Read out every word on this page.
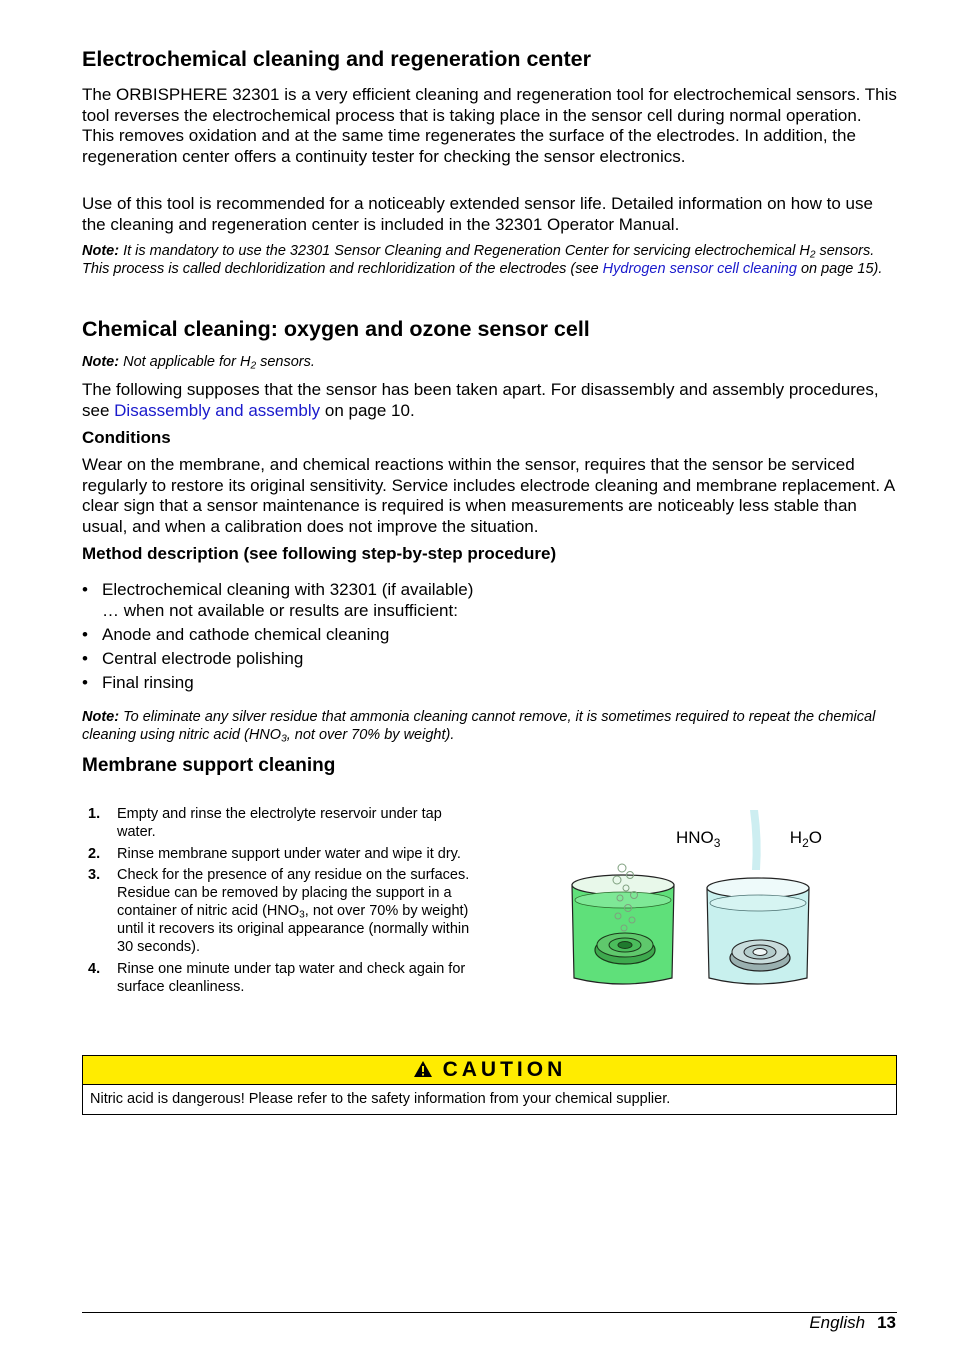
Electrochemical cleaning and regeneration center

The ORBISPHERE 32301 is a very efficient cleaning and regeneration tool for electrochemical sensors. This tool reverses the electrochemical process that is taking place in the sensor cell during normal operation. This removes oxidation and at the same time regenerates the surface of the electrodes. In addition, the regeneration center offers a continuity tester for checking the sensor electronics.

Use of this tool is recommended for a noticeably extended sensor life. Detailed information on how to use the cleaning and regeneration center is included in the 32301 Operator Manual.

Note: It is mandatory to use the 32301 Sensor Cleaning and Regeneration Center for servicing electrochemical $H_2$ sensors. This process is called dechloridization and rechloridization of the electrodes (see Hydrogen sensor cell cleaning on page 15).

Chemical cleaning: oxygen and ozone sensor cell

Note: Not applicable for $H_2$ sensors.

The following supposes that the sensor has been taken apart. For disassembly and assembly procedures, see Disassembly and assembly on page 10.

Conditions

Wear on the membrane, and chemical reactions within the sensor, requires that the sensor be serviced regularly to restore its original sensitivity. Service includes electrode cleaning and membrane replacement. A clear sign that a sensor maintenance is required is when measurements are noticeably less stable than usual, and when a calibration does not improve the situation.

Method description (see following step-by-step procedure)

• Electrochemical cleaning with 32301 (if available)
… when not available or results are insufficient:
• Anode and cathode chemical cleaning
• Central electrode polishing
• Final rinsing

Note: To eliminate any silver residue that ammonia cleaning cannot remove, it is sometimes required to repeat the chemical cleaning using nitric acid ($HNO_3$, not over 70% by weight).

Membrane support cleaning
1. Empty and rinse the electrolyte reservoir under tap water.
2. Rinse membrane support under water and wipe it dry.
3. Check for the presence of any residue on the surfaces. Residue can be removed by placing the support in a container of nitric acid ($HNO_3$, not over 70% by weight) until it recovers its original appearance (normally within 30 seconds).
4. Rinse one minute under tap water and check again for surface cleanliness.
$HNO_3$	$H_2O$
CAUTION
Nitric acid is dangerous! Please refer to the safety information from your chemical supplier.
English 13
